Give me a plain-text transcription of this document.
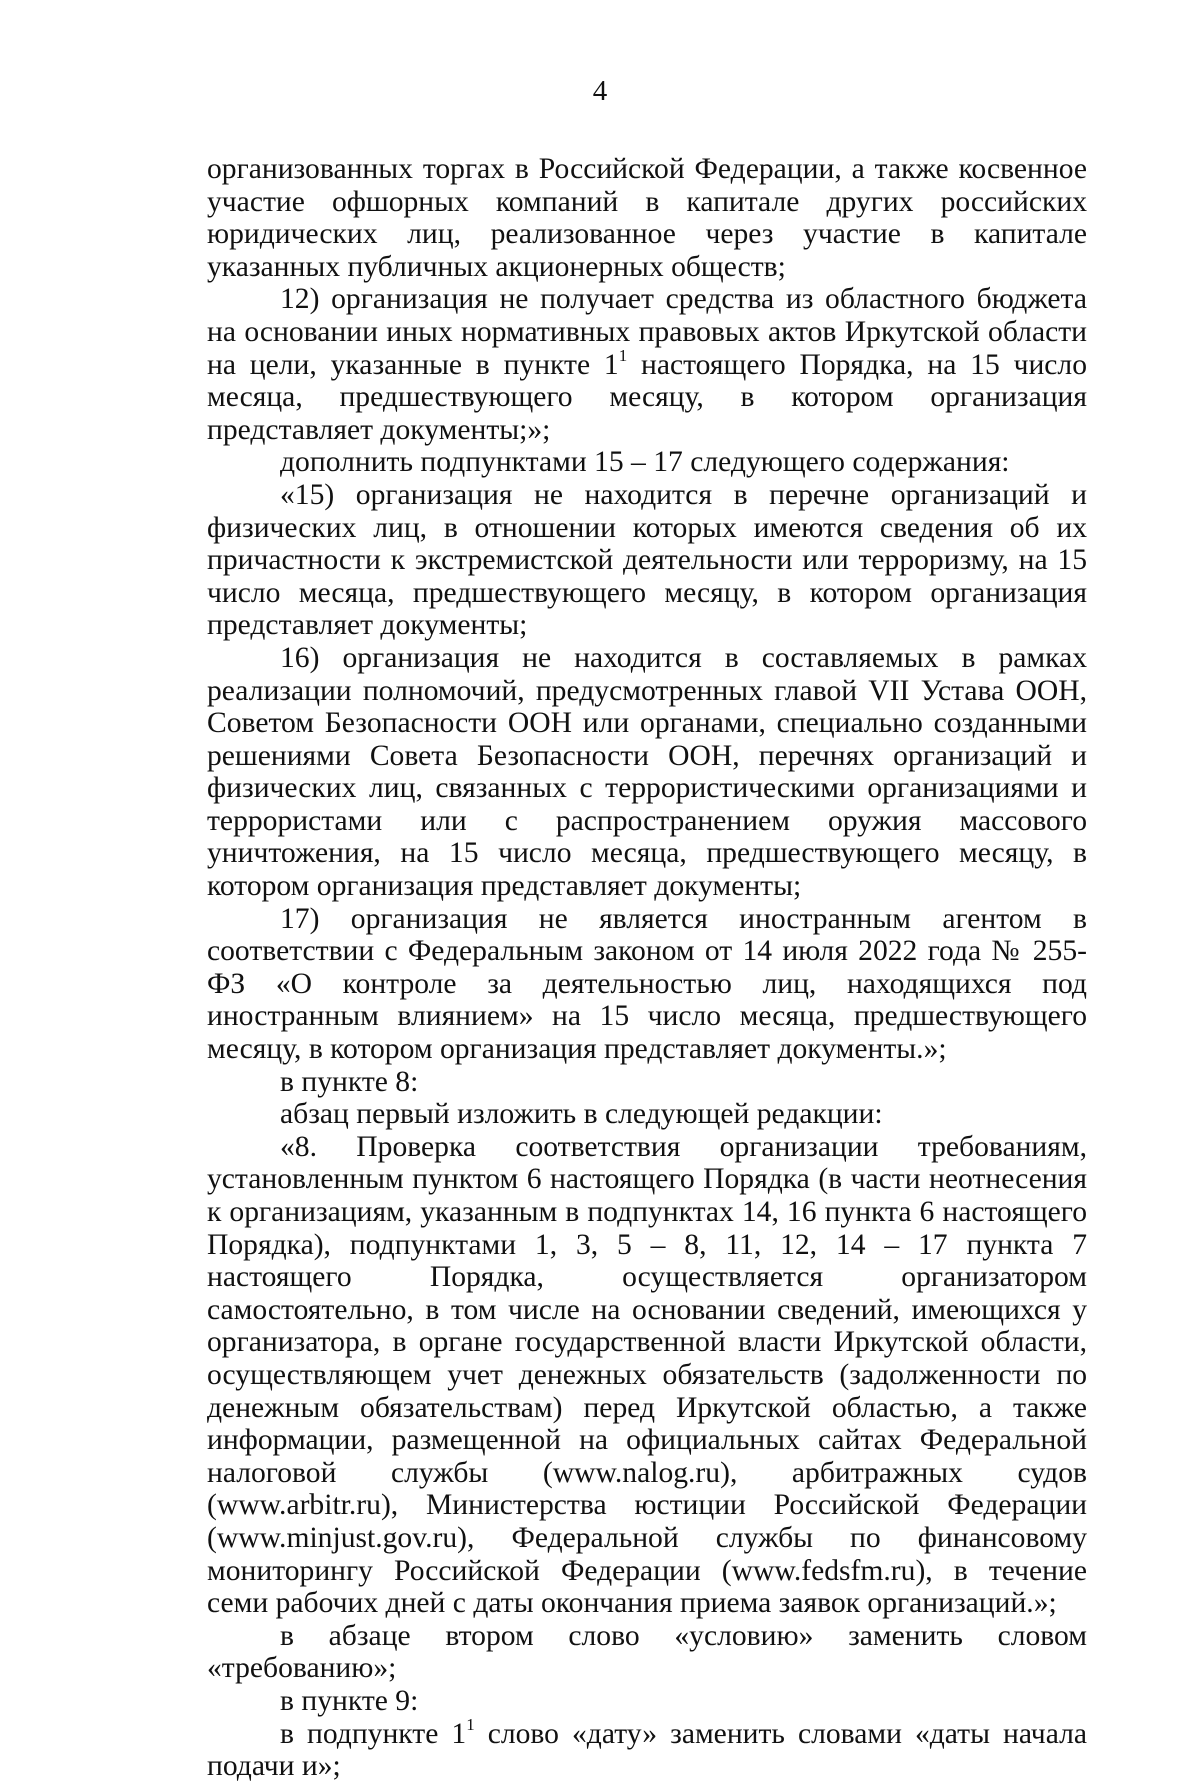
4

организованных торгах в Российской Федерации, а также косвенное участие офшорных компаний в капитале других российских юридических лиц, реализованное через участие в капитале указанных публичных акционерных обществ;

12) организация не получает средства из областного бюджета на основании иных нормативных правовых актов Иркутской области на цели, указанные в пункте $1^1$ настоящего Порядка, на 15 число месяца, предшествующего месяцу, в котором организация представляет документы;»;

дополнить подпунктами 15 – 17 следующего содержания:

«15) организация не находится в перечне организаций и физических лиц, в отношении которых имеются сведения об их причастности к экстремистской деятельности или терроризму, на 15 число месяца, предшествующего месяцу, в котором организация представляет документы;

16) организация не находится в составляемых в рамках реализации полномочий, предусмотренных главой VII Устава ООН, Советом Безопасности ООН или органами, специально созданными решениями Совета Безопасности ООН, перечнях организаций и физических лиц, связанных с террористическими организациями и террористами или с распространением оружия массового уничтожения, на 15 число месяца, предшествующего месяцу, в котором организация представляет документы;

17) организация не является иностранным агентом в соответствии с Федеральным законом от 14 июля 2022 года № 255-ФЗ «О контроле за деятельностью лиц, находящихся под иностранным влиянием» на 15 число месяца, предшествующего месяцу, в котором организация представляет документы.»;

в пункте 8:

абзац первый изложить в следующей редакции:

«8. Проверка соответствия организации требованиям, установленным пунктом 6 настоящего Порядка (в части неотнесения к организациям, указанным в подпунктах 14, 16 пункта 6 настоящего Порядка), подпунктами 1, 3, 5 – 8, 11, 12, 14 – 17 пункта 7 настоящего Порядка, осуществляется организатором самостоятельно, в том числе на основании сведений, имеющихся у организатора, в органе государственной власти Иркутской области, осуществляющем учет денежных обязательств (задолженности по денежным обязательствам) перед Иркутской областью, а также информации, размещенной на официальных сайтах Федеральной налоговой службы (www.nalog.ru), арбитражных судов (www.arbitr.ru), Министерства юстиции Российской Федерации (www.minjust.gov.ru), Федеральной службы по финансовому мониторингу Российской Федерации (www.fedsfm.ru), в течение семи рабочих дней с даты окончания приема заявок организаций.»;

в абзаце втором слово «условию» заменить словом «требованию»;

в пункте 9:

в подпункте $1^1$ слово «дату» заменить словами «даты начала подачи и»;
